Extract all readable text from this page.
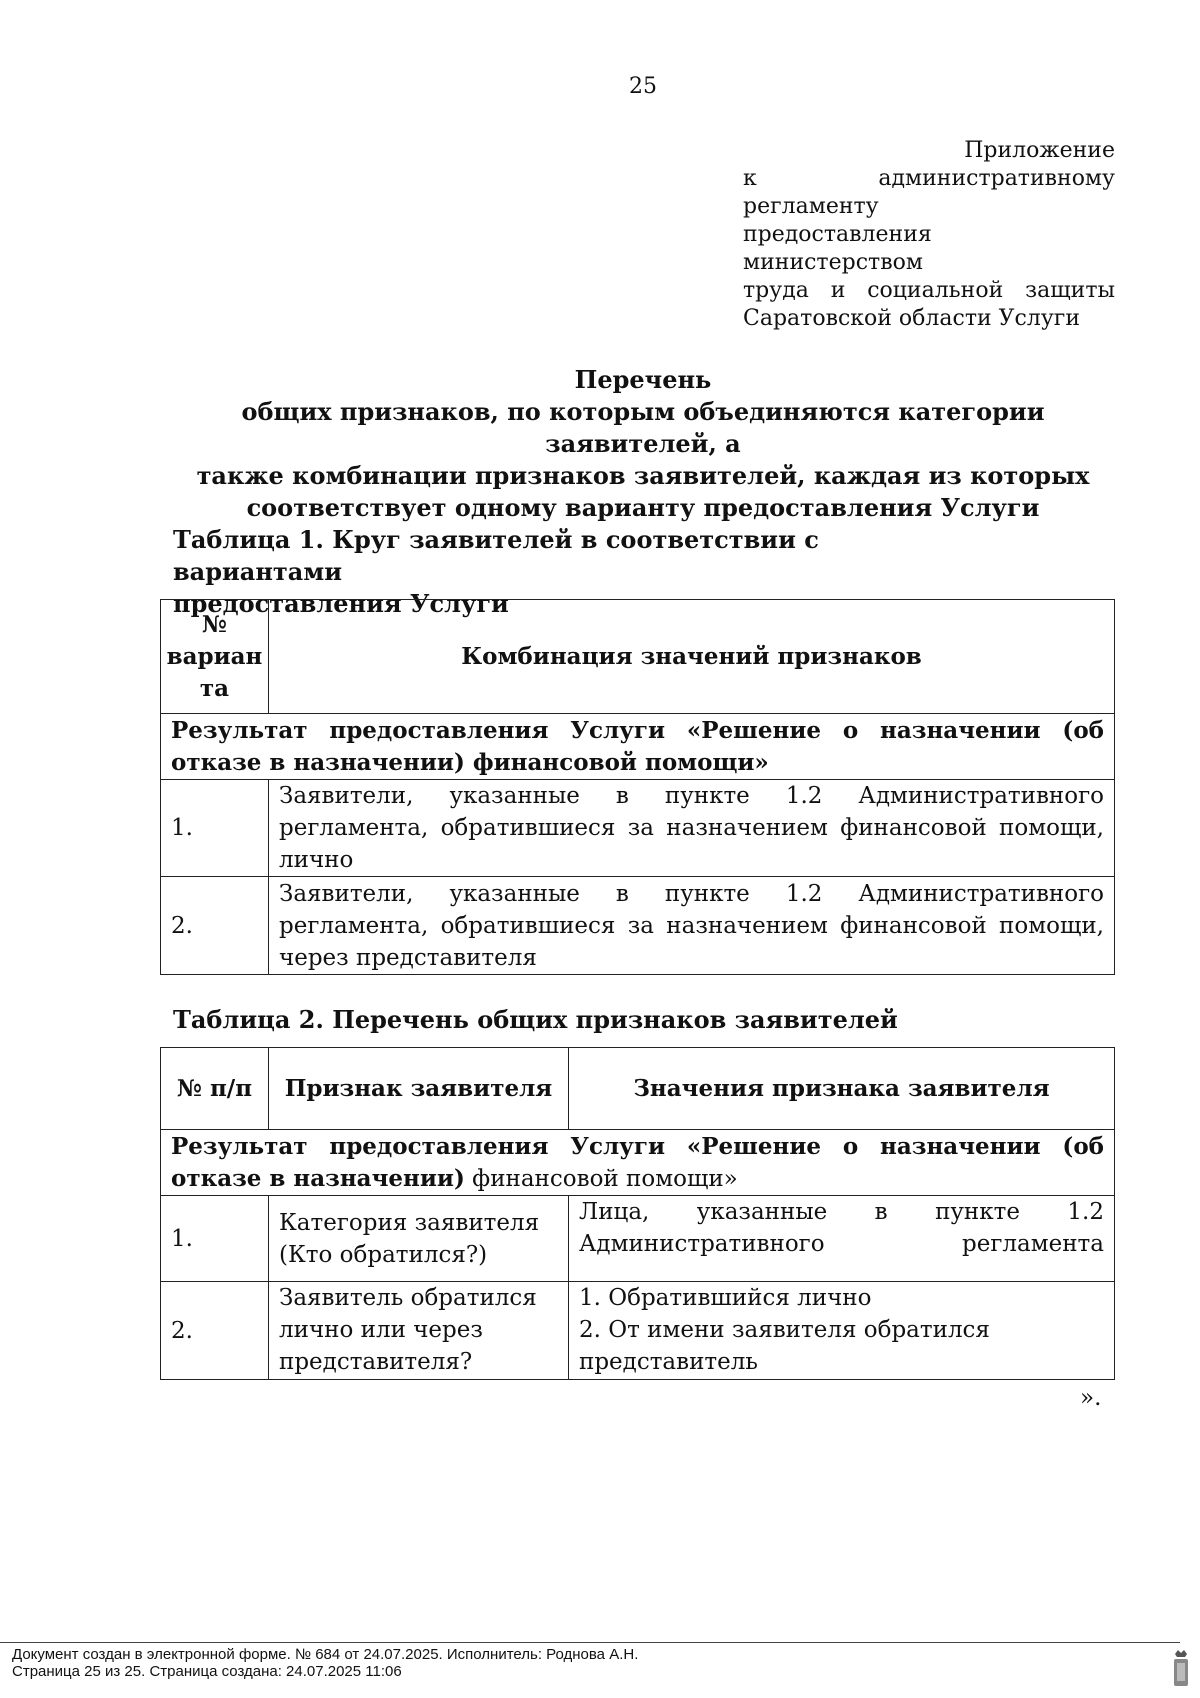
25
Приложение
к административному регламенту
предоставления министерством
труда и социальной защиты
Саратовской области Услуги
Перечень
общих признаков, по которым объединяются категории заявителей, а
также комбинации признаков заявителей, каждая из которых
соответствует одному варианту предоставления Услуги
Таблица 1. Круг заявителей в соответствии с вариантами
предоставления Услуги
№ вариан та	Комбинация значений признаков
Результат предоставления Услуги «Решение о назначении (об отказе в назначении) финансовой помощи»	
1.	Заявители, указанные в пункте 1.2 Административного регламента, обратившиеся за назначением финансовой помощи, лично
2.	Заявители, указанные в пункте 1.2 Административного регламента, обратившиеся за назначением финансовой помощи, через представителя
Таблица 2. Перечень общих признаков заявителей
№ п/п	Признак заявителя	Значения признака заявителя
Результат предоставления Услуги «Решение о назначении (об отказе в назначении) финансовой помощи»		
1.	Категория заявителя (Кто обратился?)	Лица, указанные в пункте 1.2 Административного регламента

2.	Заявитель обратился лично или через представителя?	1. Обратившийся лично
2. От имени заявителя обратился представитель
».
Документ создан в электронной форме. № 684 от 24.07.2025. Исполнитель: Роднова А.Н.
Страница 25 из 25. Страница создана: 24.07.2025 11:06
